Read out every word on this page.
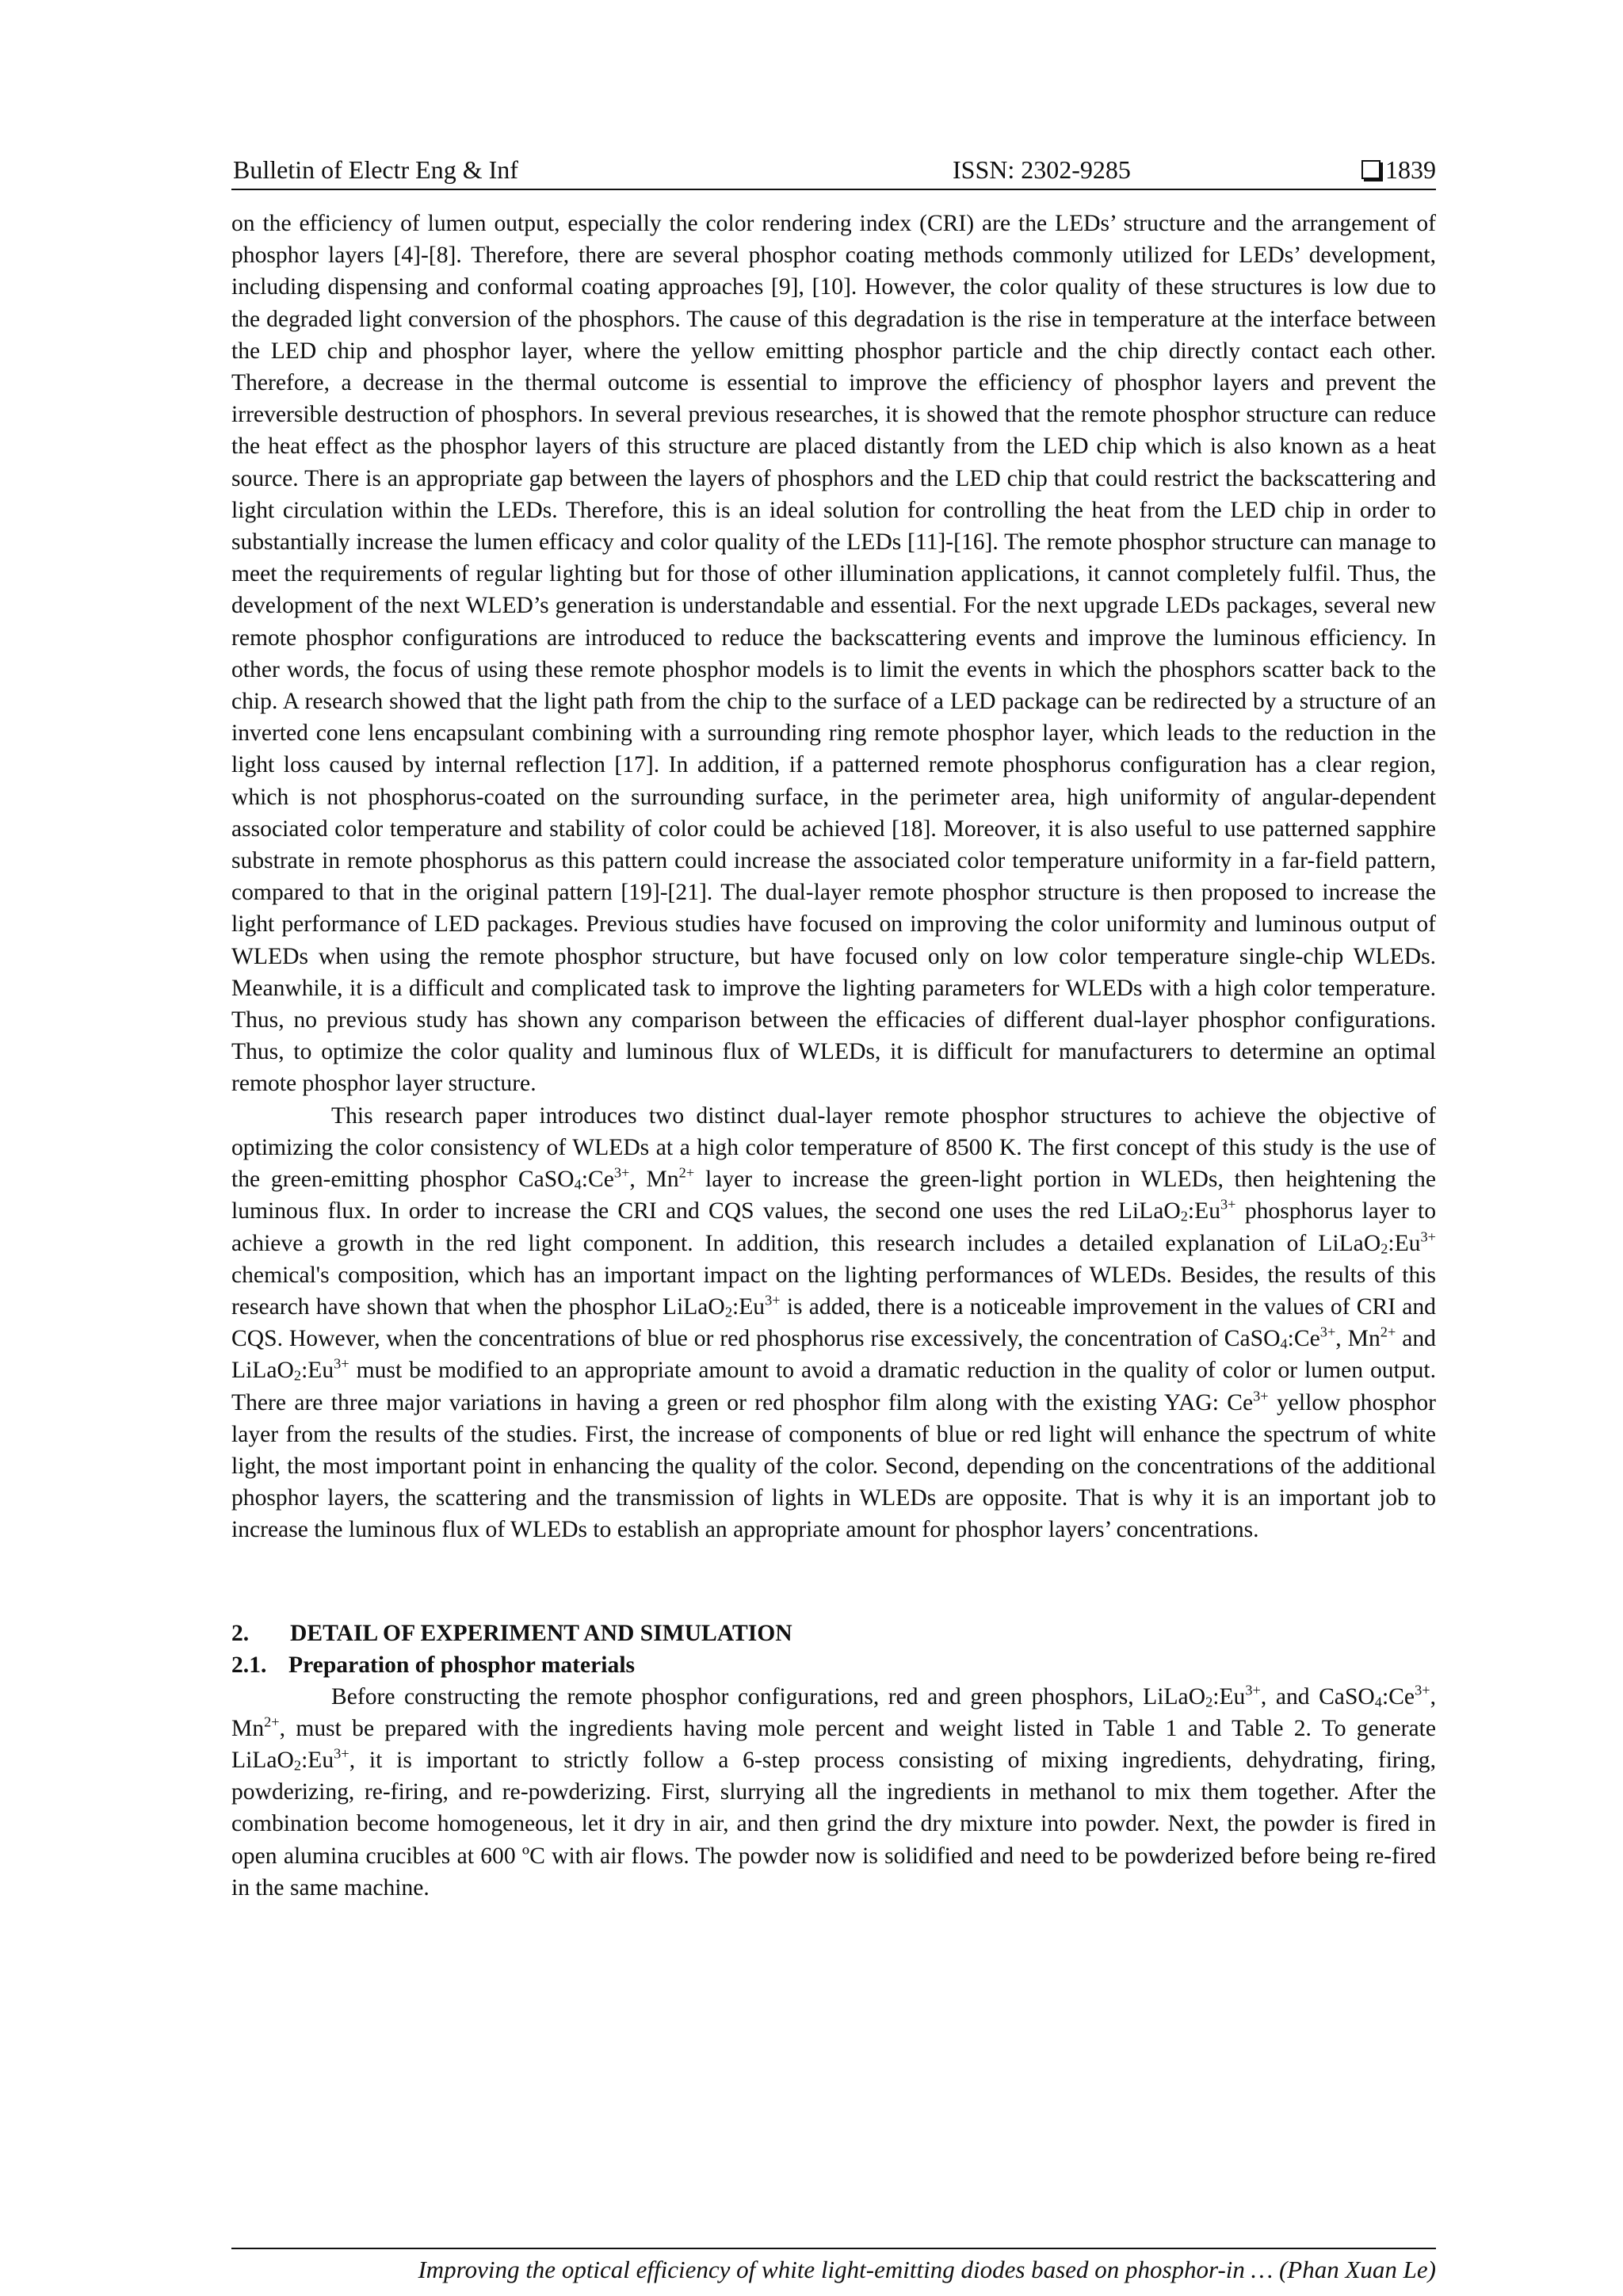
Bulletin of Electr Eng & Inf	ISSN: 2302-9285	1839

on the efficiency of lumen output, especially the color rendering index (CRI) are the LEDs’ structure and the arrangement of phosphor layers [4]-[8]. Therefore, there are several phosphor coating methods commonly utilized for LEDs’ development, including dispensing and conformal coating approaches [9], [10]. However, the color quality of these structures is low due to the degraded light conversion of the phosphors. The cause of this degradation is the rise in temperature at the interface between the LED chip and phosphor layer, where the yellow emitting phosphor particle and the chip directly contact each other. Therefore, a decrease in the thermal outcome is essential to improve the efficiency of phosphor layers and prevent the irreversible destruction of phosphors. In several previous researches, it is showed that the remote phosphor structure can reduce the heat effect as the phosphor layers of this structure are placed distantly from the LED chip which is also known as a heat source. There is an appropriate gap between the layers of phosphors and the LED chip that could restrict the backscattering and light circulation within the LEDs. Therefore, this is an ideal solution for controlling the heat from the LED chip in order to substantially increase the lumen efficacy and color quality of the LEDs [11]-[16]. The remote phosphor structure can manage to meet the requirements of regular lighting but for those of other illumination applications, it cannot completely fulfil. Thus, the development of the next WLED’s generation is understandable and essential. For the next upgrade LEDs packages, several new remote phosphor configurations are introduced to reduce the backscattering events and improve the luminous efficiency. In other words, the focus of using these remote phosphor models is to limit the events in which the phosphors scatter back to the chip. A research showed that the light path from the chip to the surface of a LED package can be redirected by a structure of an inverted cone lens encapsulant combining with a surrounding ring remote phosphor layer, which leads to the reduction in the light loss caused by internal reflection [17]. In addition, if a patterned remote phosphorus configuration has a clear region, which is not phosphorus-coated on the surrounding surface, in the perimeter area, high uniformity of angular-dependent associated color temperature and stability of color could be achieved [18]. Moreover, it is also useful to use patterned sapphire substrate in remote phosphorus as this pattern could increase the associated color temperature uniformity in a far-field pattern, compared to that in the original pattern [19]-[21]. The dual-layer remote phosphor structure is then proposed to increase the light performance of LED packages. Previous studies have focused on improving the color uniformity and luminous output of WLEDs when using the remote phosphor structure, but have focused only on low color temperature single-chip WLEDs. Meanwhile, it is a difficult and complicated task to improve the lighting parameters for WLEDs with a high color temperature. Thus, no previous study has shown any comparison between the efficacies of different dual-layer phosphor configurations. Thus, to optimize the color quality and luminous flux of WLEDs, it is difficult for manufacturers to determine an optimal remote phosphor layer structure.

This research paper introduces two distinct dual-layer remote phosphor structures to achieve the objective of optimizing the color consistency of WLEDs at a high color temperature of 8500 K. The first concept of this study is the use of the green-emitting phosphor $CaSO_4:Ce^{3+}$, $Mn^{2+}$ layer to increase the green-light portion in WLEDs, then heightening the luminous flux. In order to increase the CRI and CQS values, the second one uses the red $LiLaO_2:Eu^{3+}$ phosphorus layer to achieve a growth in the red light component. In addition, this research includes a detailed explanation of $LiLaO_2:Eu^{3+}$ chemical's composition, which has an important impact on the lighting performances of WLEDs. Besides, the results of this research have shown that when the phosphor $LiLaO_2:Eu^{3+}$ is added, there is a noticeable improvement in the values of CRI and CQS. However, when the concentrations of blue or red phosphorus rise excessively, the concentration of $CaSO_4:Ce^{3+}$, $Mn^{2+}$ and $LiLaO_2:Eu^{3+}$ must be modified to an appropriate amount to avoid a dramatic reduction in the quality of color or lumen output. There are three major variations in having a green or red phosphor film along with the existing YAG: $Ce^{3+}$ yellow phosphor layer from the results of the studies. First, the increase of components of blue or red light will enhance the spectrum of white light, the most important point in enhancing the quality of the color. Second, depending on the concentrations of the additional phosphor layers, the scattering and the transmission of lights in WLEDs are opposite. That is why it is an important job to increase the luminous flux of WLEDs to establish an appropriate amount for phosphor layers’ concentrations.

2. DETAIL OF EXPERIMENT AND SIMULATION
2.1. Preparation of phosphor materials

Before constructing the remote phosphor configurations, red and green phosphors, $LiLaO_2:Eu^{3+}$, and $CaSO_4:Ce^{3+}$, $Mn^{2+}$, must be prepared with the ingredients having mole percent and weight listed in Table 1 and Table 2. To generate $LiLaO_2:Eu^{3+}$, it is important to strictly follow a 6-step process consisting of mixing ingredients, dehydrating, firing, powderizing, re-firing, and re-powderizing. First, slurrying all the ingredients in methanol to mix them together. After the combination become homogeneous, let it dry in air, and then grind the dry mixture into powder. Next, the powder is fired in open alumina crucibles at 600 ºC with air flows. The powder now is solidified and need to be powderized before being re-fired in the same machine.

Improving the optical efficiency of white light-emitting diodes based on phosphor-in … (Phan Xuan Le)
